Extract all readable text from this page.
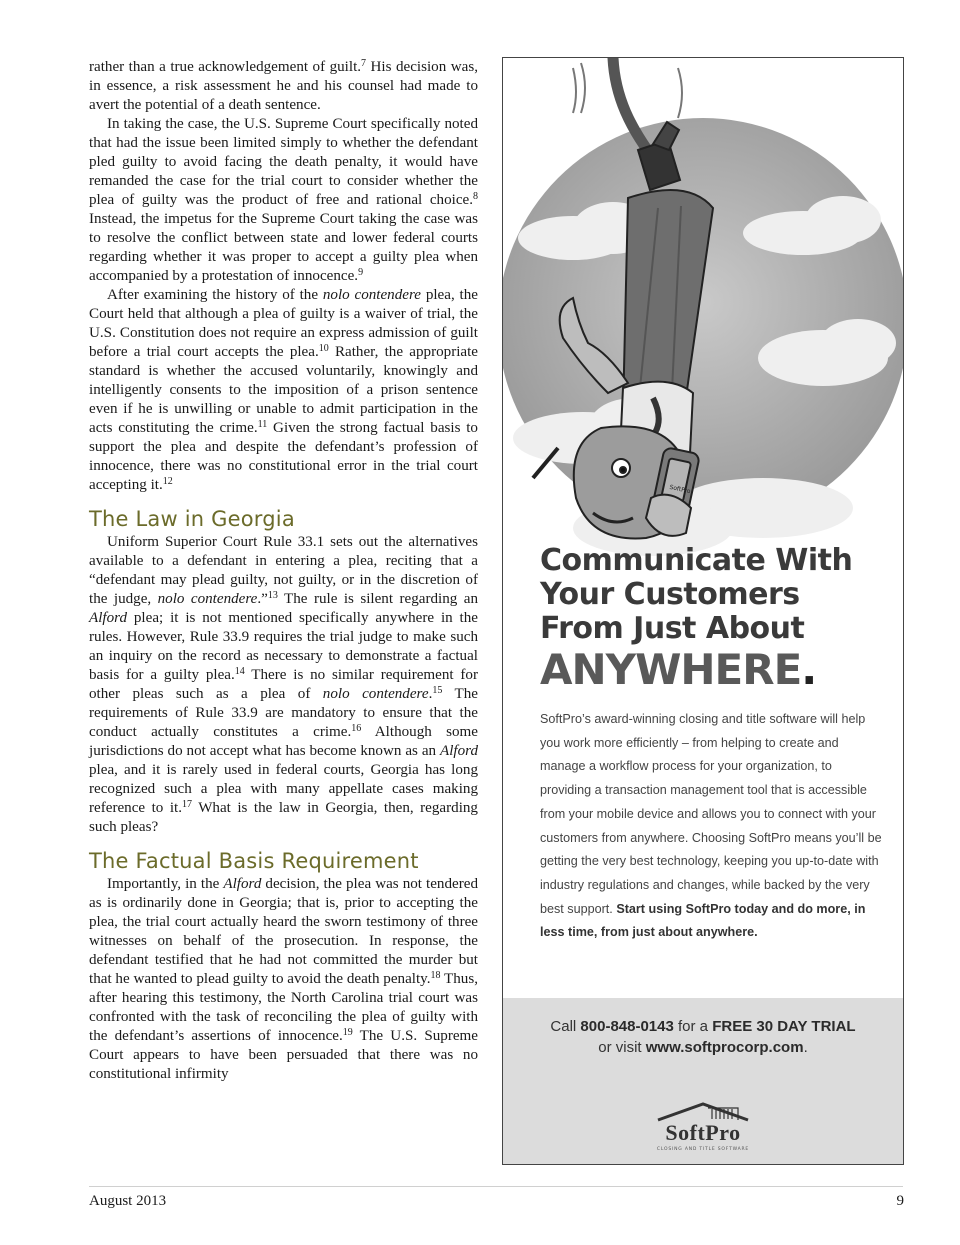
rather than a true acknowledgement of guilt.$^7$ His decision was, in essence, a risk assessment he and his counsel had made to avert the potential of a death sentence.

In taking the case, the U.S. Supreme Court specifically noted that had the issue been limited simply to whether the defendant pled guilty to avoid facing the death penalty, it would have remanded the case for the trial court to consider whether the plea of guilty was the product of free and rational choice.$^8$ Instead, the impetus for the Supreme Court taking the case was to resolve the conflict between state and lower federal courts regarding whether it was proper to accept a guilty plea when accompanied by a protestation of innocence.$^9$

After examining the history of the nolo contendere plea, the Court held that although a plea of guilty is a waiver of trial, the U.S. Constitution does not require an express admission of guilt before a trial court accepts the plea.$^{10}$ Rather, the appropriate standard is whether the accused voluntarily, knowingly and intelligently consents to the imposition of a prison sentence even if he is unwilling or unable to admit participation in the acts constituting the crime.$^{11}$ Given the strong factual basis to support the plea and despite the defendant’s profession of innocence, there was no constitutional error in the trial court accepting it.$^{12}$

The Law in Georgia

Uniform Superior Court Rule 33.1 sets out the alternatives available to a defendant in entering a plea, reciting that a “defendant may plead guilty, not guilty, or in the discretion of the judge, nolo contendere.”$^{13}$ The rule is silent regarding an Alford plea; it is not mentioned specifically anywhere in the rules. However, Rule 33.9 requires the trial judge to make such an inquiry on the record as necessary to demonstrate a factual basis for a guilty plea.$^{14}$ There is no similar requirement for other pleas such as a plea of nolo contendere.$^{15}$ The requirements of Rule 33.9 are mandatory to ensure that the conduct actually constitutes a crime.$^{16}$ Although some jurisdictions do not accept what has become known as an Alford plea, and it is rarely used in federal courts, Georgia has long recognized such a plea with many appellate cases making reference to it.$^{17}$ What is the law in Georgia, then, regarding such pleas?

The Factual Basis Requirement

Importantly, in the Alford decision, the plea was not tendered as is ordinarily done in Georgia; that is, prior to accepting the plea, the trial court actually heard the sworn testimony of three witnesses on behalf of the prosecution. In response, the defendant testified that he had not committed the murder but that he wanted to plead guilty to avoid the death penalty.$^{18}$ Thus, after hearing this testimony, the North Carolina trial court was confronted with the task of reconciling the plea of guilty with the defendant’s assertions of innocence.$^{19}$ The U.S. Supreme Court appears to have been persuaded that there was no constitutional infirmity

SoftPro
Communicate With
Your Customers
From Just About
ANYWHERE.
SoftPro’s award-winning closing and title software will help you work more efficiently – from helping to create and manage a workflow process for your organization, to providing a transaction management tool that is accessible from your mobile device and allows you to connect with your customers from anywhere. Choosing SoftPro means you’ll be getting the very best technology, keeping you up-to-date with industry regulations and changes, while backed by the very best support. Start using SoftPro today and do more, in less time, from just about anywhere.
Call 800-848-0143 for a FREE 30 DAY TRIAL
or visit www.softprocorp.com.
SoftPro
CLOSING AND TITLE SOFTWARE
August 2013	9
